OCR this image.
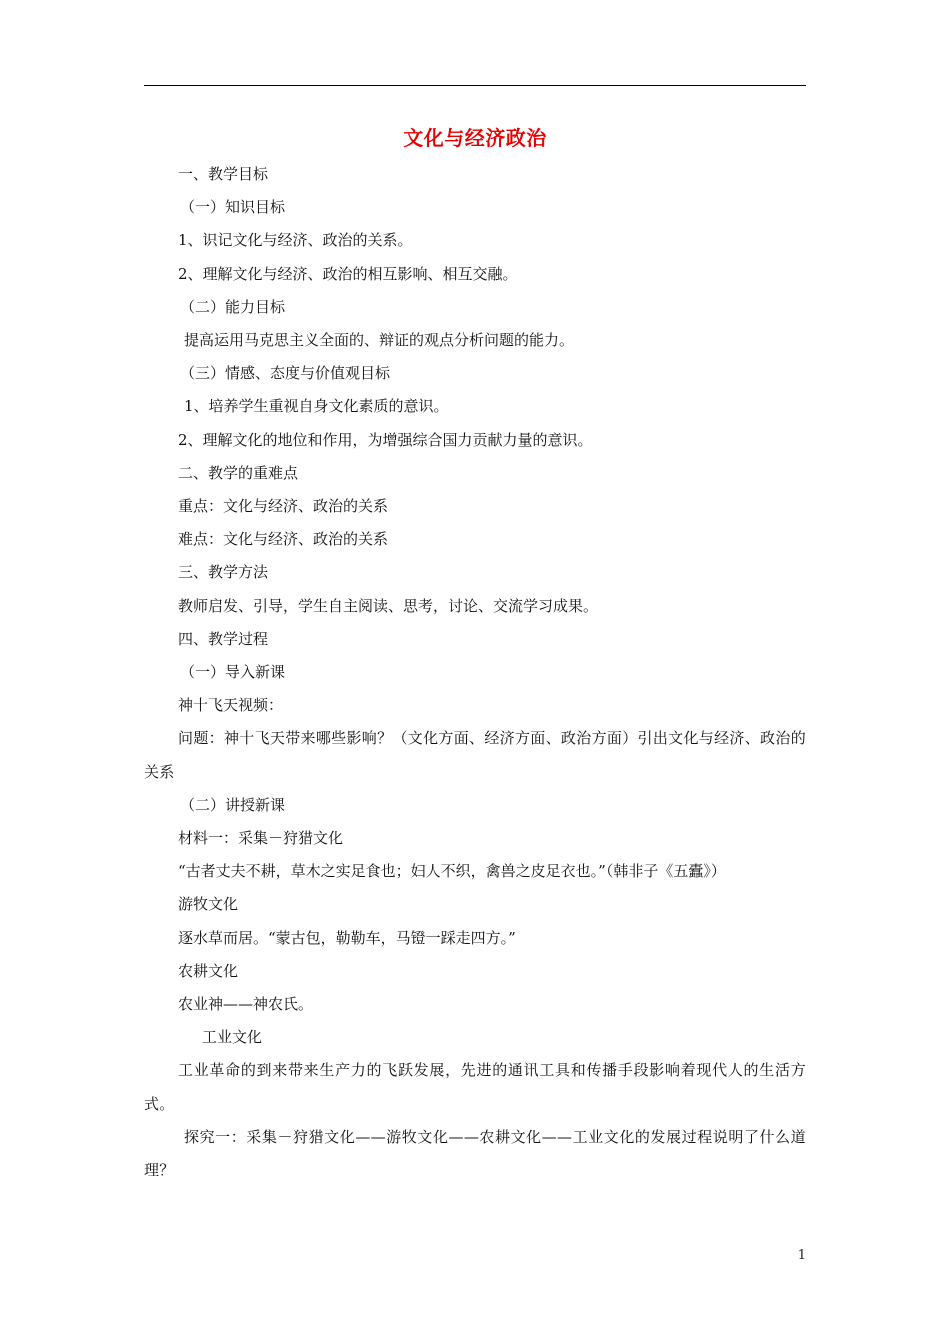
文化与经济政治

一、教学目标

（一）知识目标

1、识记文化与经济、政治的关系。

2、理解文化与经济、政治的相互影响、相互交融。

（二）能力目标

提高运用马克思主义全面的、辩证的观点分析问题的能力。

（三）情感、态度与价值观目标

1、培养学生重视自身文化素质的意识。

2、理解文化的地位和作用，为增强综合国力贡献力量的意识。

二、教学的重难点

重点：文化与经济、政治的关系

难点：文化与经济、政治的关系

三、教学方法

教师启发、引导，学生自主阅读、思考，讨论、交流学习成果。

四、教学过程

（一）导入新课

神十飞天视频：

问题：神十飞天带来哪些影响？（文化方面、经济方面、政治方面）引出文化与经济、政治的关系

（二）讲授新课

材料一：采集－狩猎文化

“古者丈夫不耕，草木之实足食也；妇人不织，禽兽之皮足衣也。”（韩非子《五蠹》）

游牧文化

逐水草而居。“蒙古包，勒勒车，马镫一踩走四方。”

农耕文化

农业神——神农氏。

工业文化

工业革命的到来带来生产力的飞跃发展，先进的通讯工具和传播手段影响着现代人的生活方式。

探究一：采集－狩猎文化——游牧文化——农耕文化——工业文化的发展过程说明了什么道理？

1
